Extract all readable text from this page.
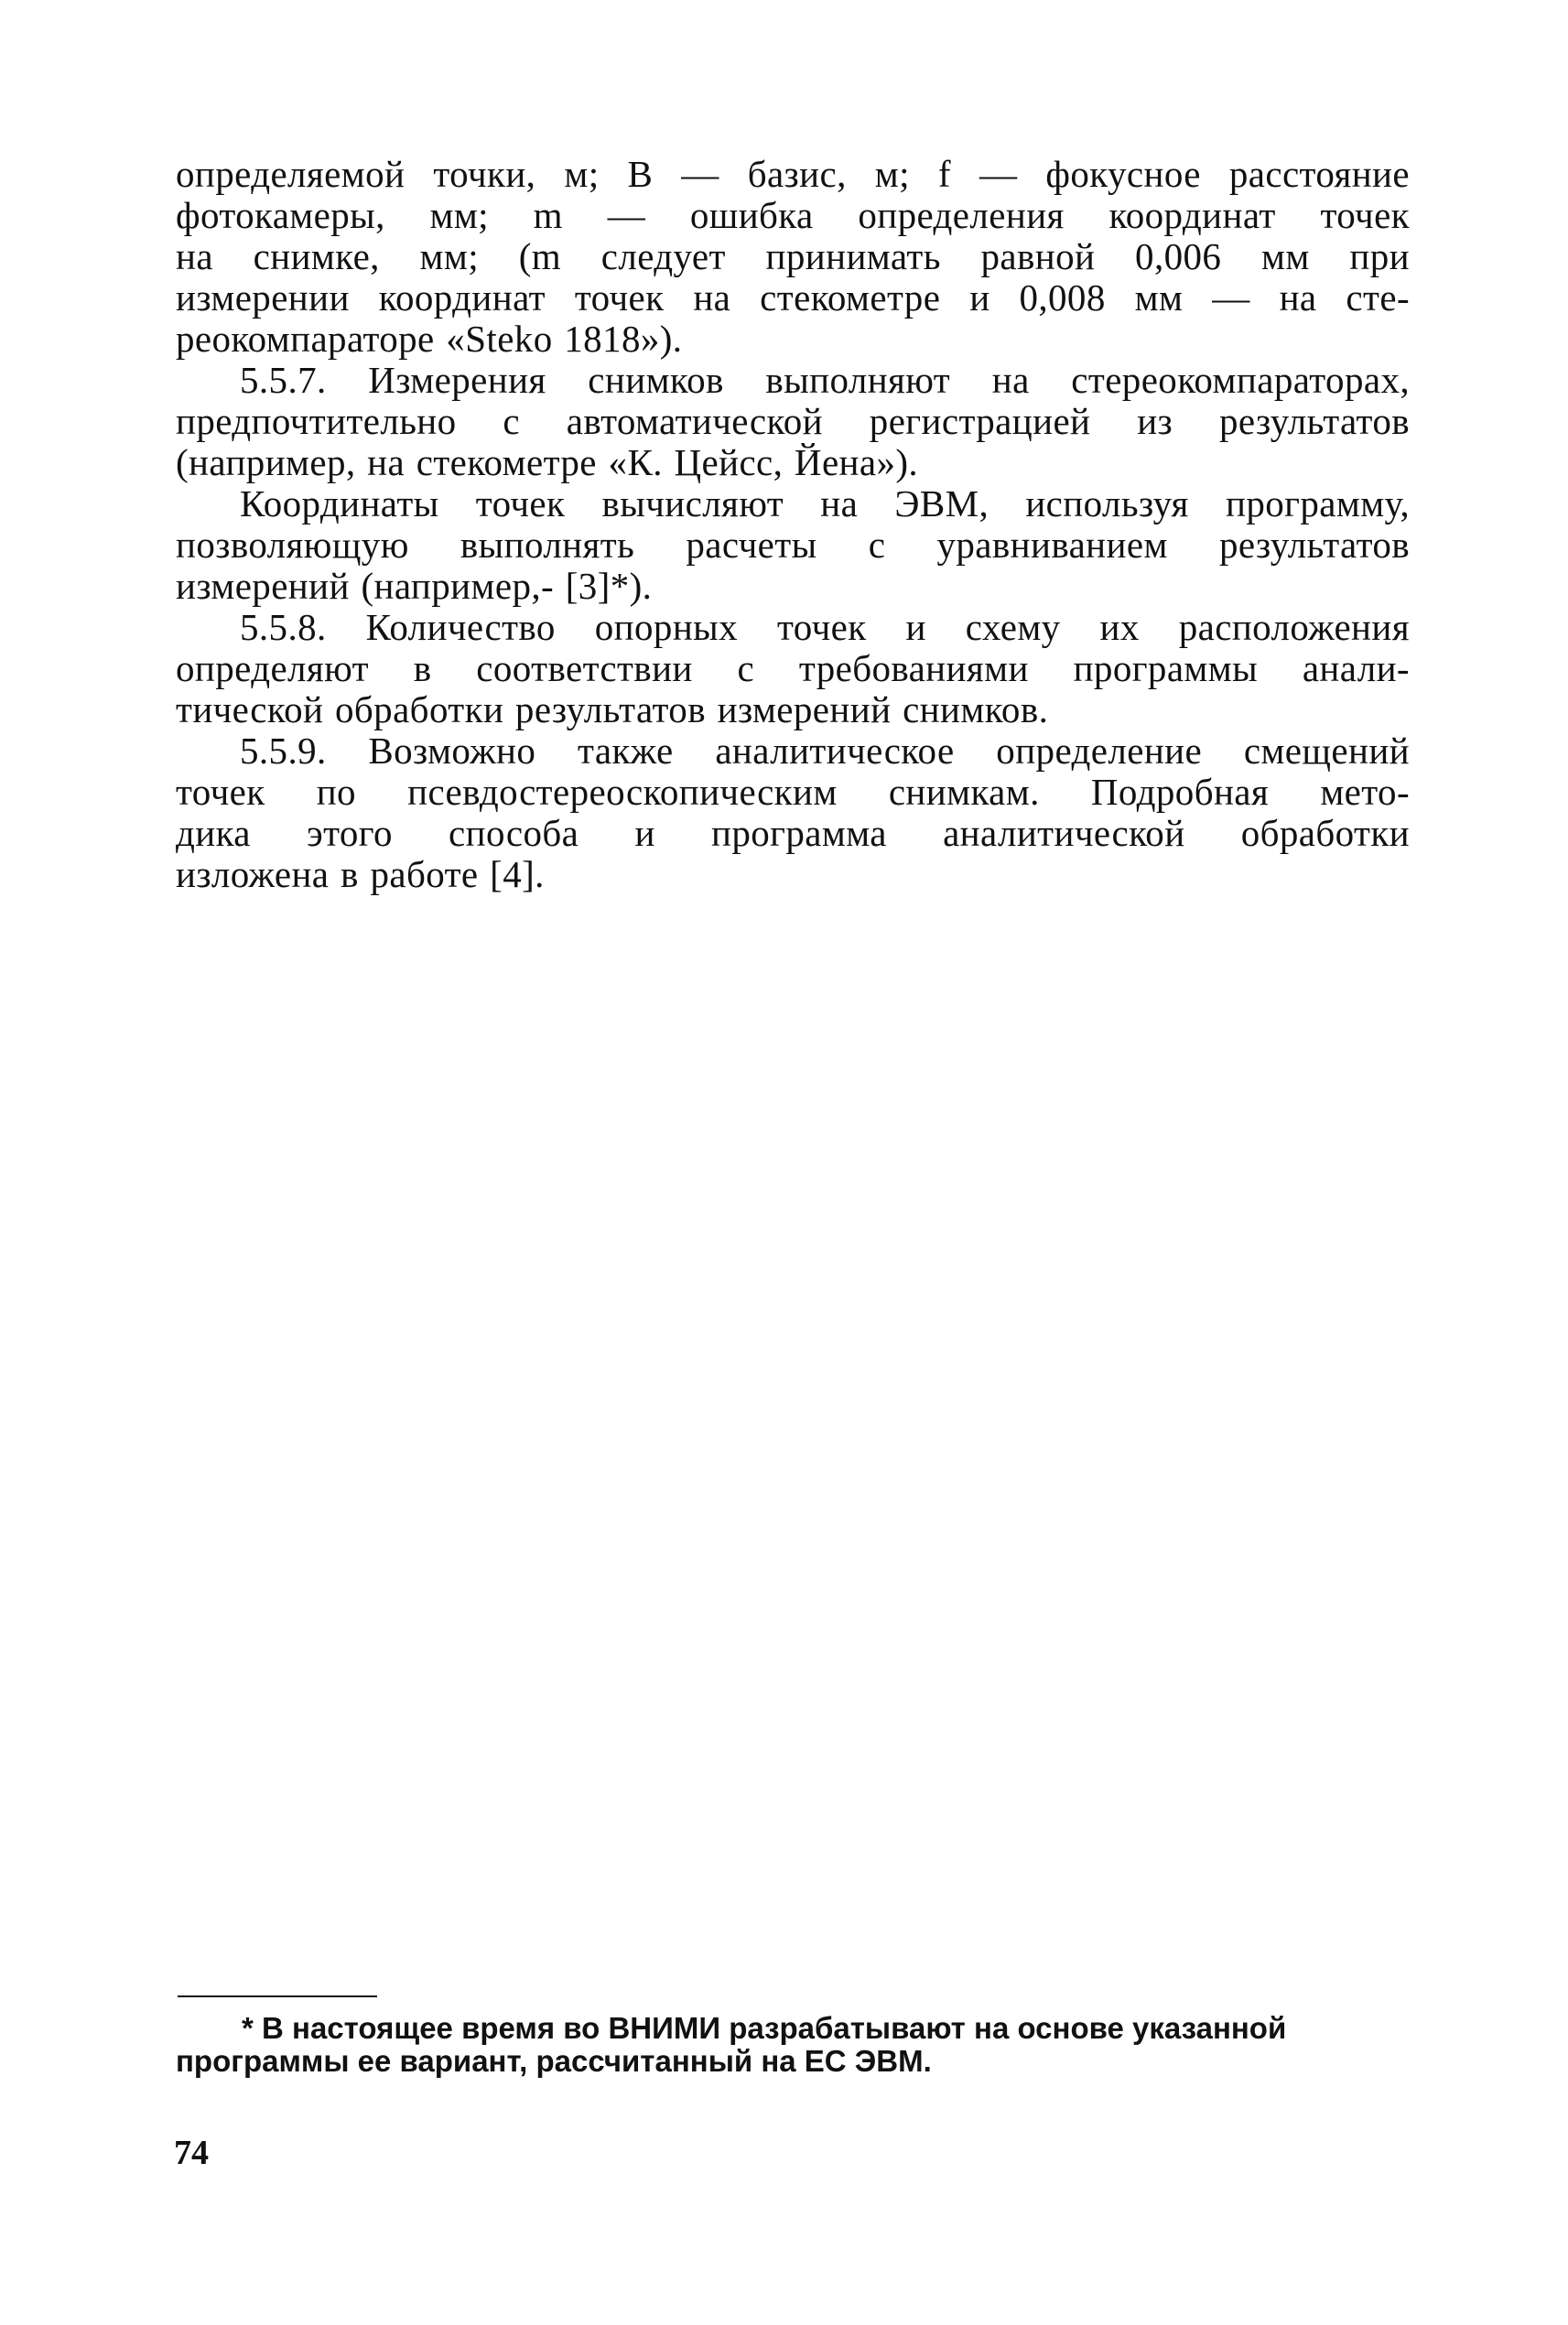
определяемой точки, м; B — базис, м; f — фокусное расстояние
фотокамеры, мм; m — ошибка определения координат точек
на снимке, мм; (m следует принимать равной 0,006 мм при
измерении координат точек на стекометре и 0,008 мм — на сте-
реокомпараторе «Steko 1818»).
5.5.7. Измерения снимков выполняют на стереокомпараторах,
предпочтительно с автоматической регистрацией из результатов
(например, на стекометре «К. Цейсс, Йена»).
Координаты точек вычисляют на ЭВМ, используя программу,
позволяющую выполнять расчеты с уравниванием результатов
измерений (например,- [3]*).
5.5.8. Количество опорных точек и схему их расположения
определяют в соответствии с требованиями программы анали-
тической обработки результатов измерений снимков.
5.5.9. Возможно также аналитическое определение смещений
точек по псевдостереоскопическим снимкам. Подробная мето-
дика этого способа и программа аналитической обработки
изложена в работе [4].
* В настоящее время во ВНИМИ разрабатывают на основе указанной
программы ее вариант, рассчитанный на ЕС ЭВМ.
74
